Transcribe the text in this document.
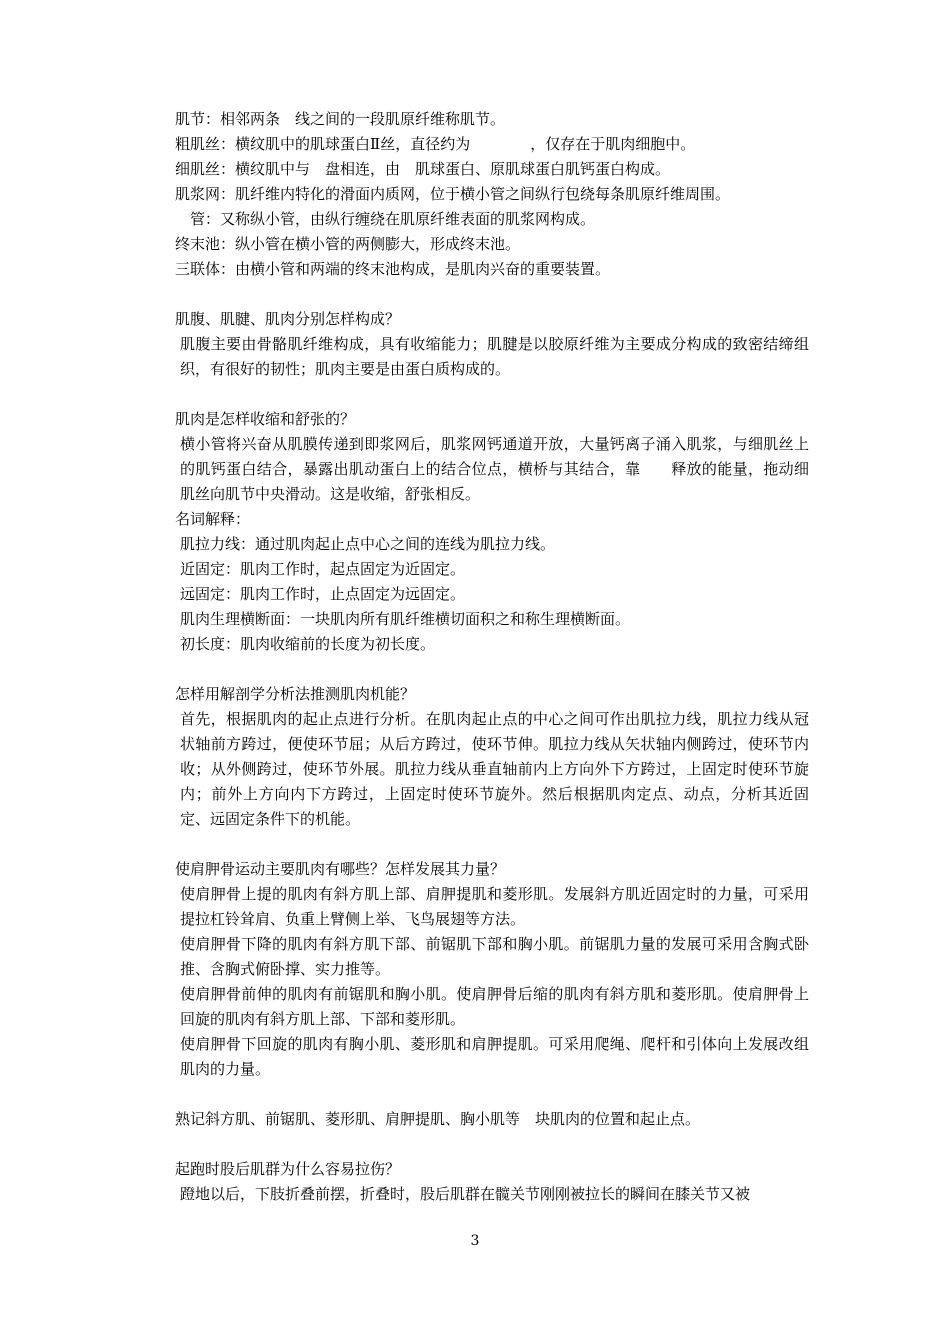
肌节：相邻两条　线之间的一段肌原纤维称肌节。

粗肌丝：横纹肌中的肌球蛋白Ⅱ丝，直径约为　　　　，仅存在于肌肉细胞中。

细肌丝：横纹肌中与　盘相连，由　肌球蛋白、原肌球蛋白肌钙蛋白构成。

肌浆网：肌纤维内特化的滑面内质网，位于横小管之间纵行包绕每条肌原纤维周围。

管：又称纵小管，由纵行缠绕在肌原纤维表面的肌浆网构成。

终末池：纵小管在横小管的两侧膨大，形成终末池。

三联体：由横小管和两端的终末池构成，是肌肉兴奋的重要装置。

肌腹、肌腱、肌肉分别怎样构成？

肌腹主要由骨骼肌纤维构成，具有收缩能力；肌腱是以胶原纤维为主要成分构成的致密结缔组织，有很好的韧性；肌肉主要是由蛋白质构成的。

肌肉是怎样收缩和舒张的？

横小管将兴奋从肌膜传递到即浆网后，肌浆网钙通道开放，大量钙离子涌入肌浆，与细肌丝上的肌钙蛋白结合，暴露出肌动蛋白上的结合位点，横桥与其结合，靠　　释放的能量，拖动细肌丝向肌节中央滑动。这是收缩，舒张相反。

名词解释：

肌拉力线：通过肌肉起止点中心之间的连线为肌拉力线。

近固定：肌肉工作时，起点固定为近固定。

远固定：肌肉工作时，止点固定为远固定。

肌肉生理横断面：一块肌肉所有肌纤维横切面积之和称生理横断面。

初长度：肌肉收缩前的长度为初长度。

怎样用解剖学分析法推测肌肉机能？

首先，根据肌肉的起止点进行分析。在肌肉起止点的中心之间可作出肌拉力线，肌拉力线从冠状轴前方跨过，便使环节屈；从后方跨过，使环节伸。肌拉力线从矢状轴内侧跨过，使环节内收；从外侧跨过，使环节外展。肌拉力线从垂直轴前内上方向外下方跨过，上固定时使环节旋内；前外上方向内下方跨过，上固定时使环节旋外。然后根据肌肉定点、动点，分析其近固定、远固定条件下的机能。

使肩胛骨运动主要肌肉有哪些？怎样发展其力量？

使肩胛骨上提的肌肉有斜方肌上部、肩胛提肌和菱形肌。发展斜方肌近固定时的力量，可采用提拉杠铃耸肩、负重上臂侧上举、飞鸟展翅等方法。

使肩胛骨下降的肌肉有斜方肌下部、前锯肌下部和胸小肌。前锯肌力量的发展可采用含胸式卧推、含胸式俯卧撑、实力推等。

使肩胛骨前伸的肌肉有前锯肌和胸小肌。使肩胛骨后缩的肌肉有斜方肌和菱形肌。使肩胛骨上回旋的肌肉有斜方肌上部、下部和菱形肌。

使肩胛骨下回旋的肌肉有胸小肌、菱形肌和肩胛提肌。可采用爬绳、爬杆和引体向上发展改组肌肉的力量。

熟记斜方肌、前锯肌、菱形肌、肩胛提肌、胸小肌等　块肌肉的位置和起止点。

起跑时股后肌群为什么容易拉伤？

蹬地以后，下肢折叠前摆，折叠时，股后肌群在髋关节刚刚被拉长的瞬间在膝关节又被

3
